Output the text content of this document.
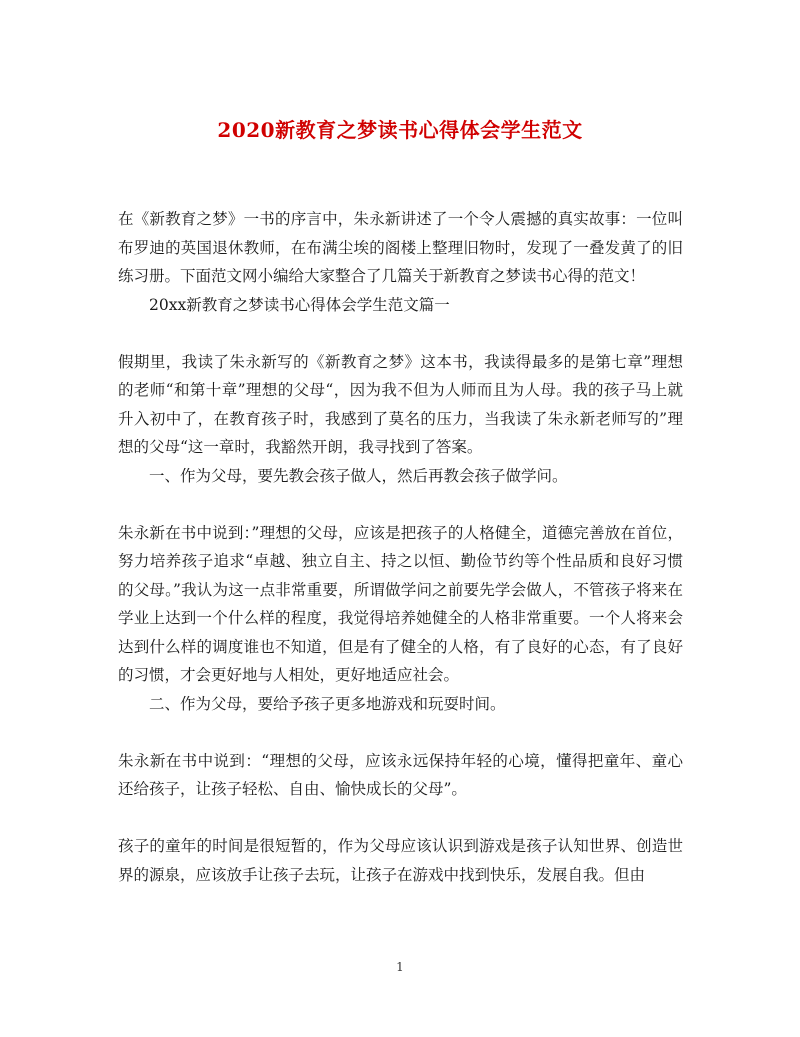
2020新教育之梦读书心得体会学生范文

在《新教育之梦》一书的序言中，朱永新讲述了一个令人震撼的真实故事：一位叫布罗迪的英国退休教师，在布满尘埃的阁楼上整理旧物时，发现了一叠发黄了的旧练习册。下面范文网小编给大家整合了几篇关于新教育之梦读书心得的范文！

20xx新教育之梦读书心得体会学生范文篇一

假期里，我读了朱永新写的《新教育之梦》这本书，我读得最多的是第七章”理想的老师“和第十章”理想的父母“，因为我不但为人师而且为人母。我的孩子马上就升入初中了，在教育孩子时，我感到了莫名的压力，当我读了朱永新老师写的”理想的父母“这一章时，我豁然开朗，我寻找到了答案。

一、作为父母，要先教会孩子做人，然后再教会孩子做学问。

朱永新在书中说到：”理想的父母，应该是把孩子的人格健全，道德完善放在首位，努力培养孩子追求“卓越、独立自主、持之以恒、勤俭节约等个性品质和良好习惯的父母。”我认为这一点非常重要，所谓做学问之前要先学会做人，不管孩子将来在学业上达到一个什么样的程度，我觉得培养她健全的人格非常重要。一个人将来会达到什么样的调度谁也不知道，但是有了健全的人格，有了良好的心态，有了良好的习惯，才会更好地与人相处，更好地适应社会。

二、作为父母，要给予孩子更多地游戏和玩耍时间。

朱永新在书中说到：“理想的父母，应该永远保持年轻的心境，懂得把童年、童心还给孩子，让孩子轻松、自由、愉快成长的父母”。

孩子的童年的时间是很短暂的，作为父母应该认识到游戏是孩子认知世界、创造世界的源泉，应该放手让孩子去玩，让孩子在游戏中找到快乐，发展自我。但由

1
